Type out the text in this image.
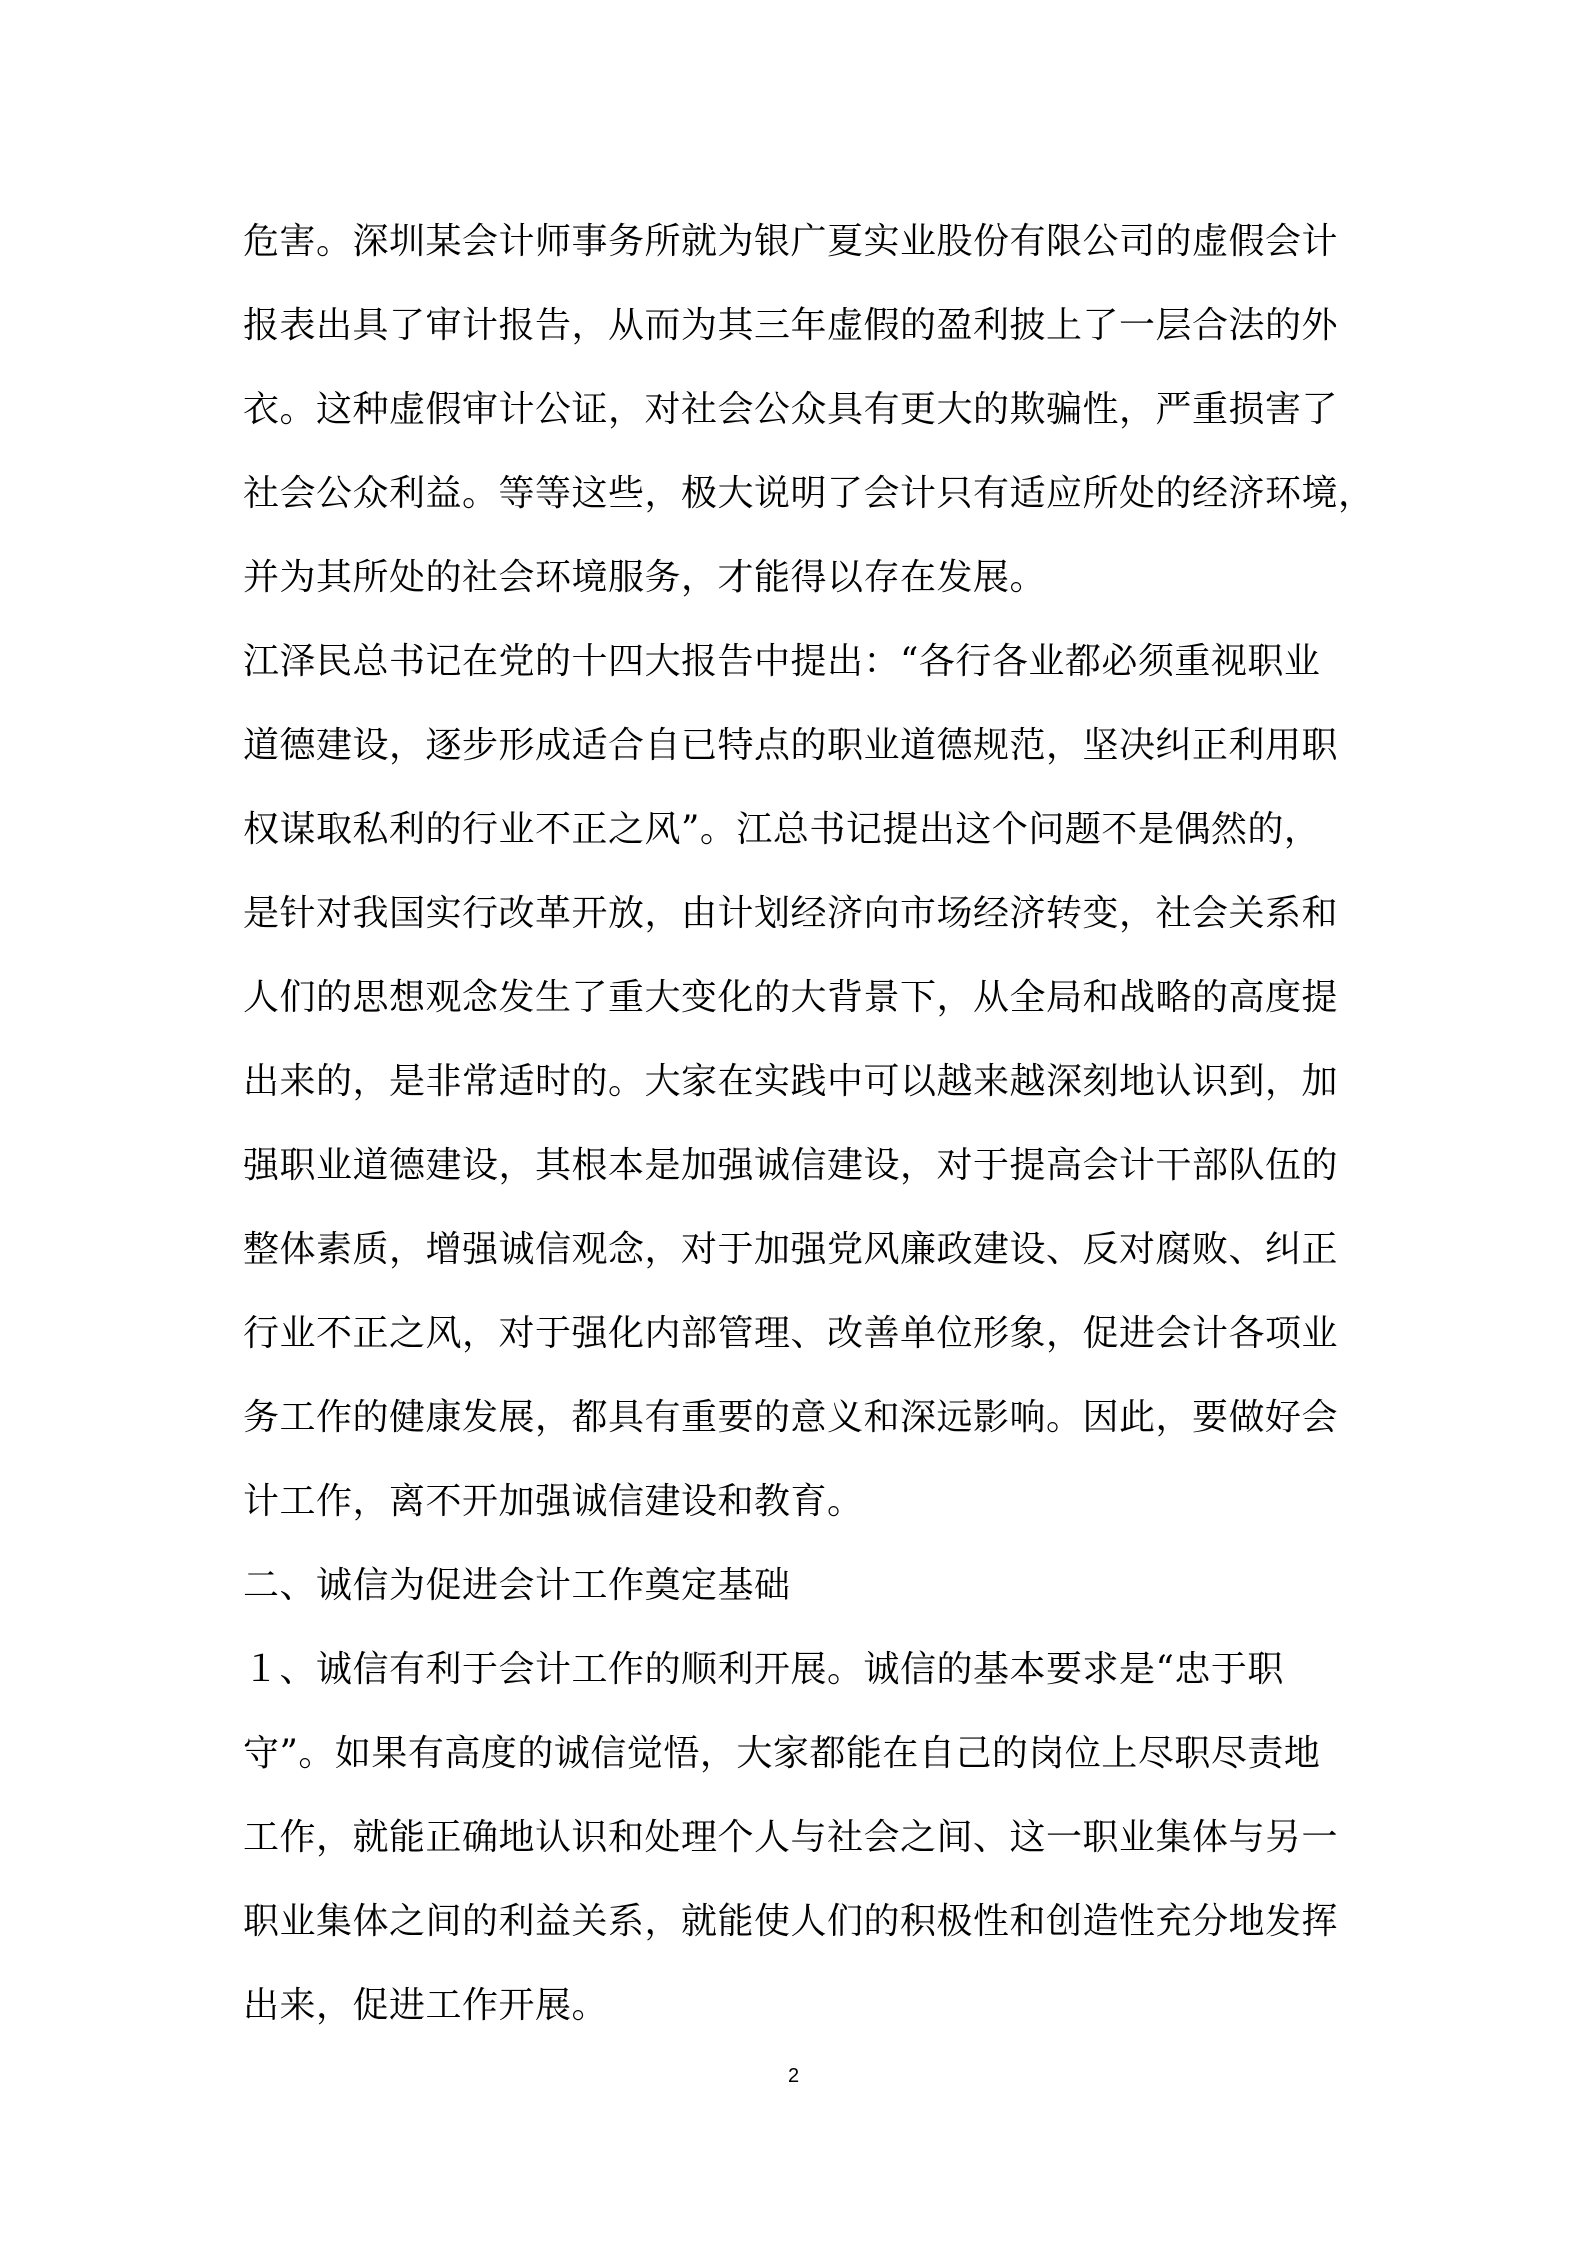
危害。深圳某会计师事务所就为银广夏实业股份有限公司的虚假会计
报表出具了审计报告，从而为其三年虚假的盈利披上了一层合法的外
衣。这种虚假审计公证，对社会公众具有更大的欺骗性，严重损害了
社会公众利益。等等这些，极大说明了会计只有适应所处的经济环境，
并为其所处的社会环境服务，才能得以存在发展。
江泽民总书记在党的十四大报告中提出：“各行各业都必须重视职业
道德建设，逐步形成适合自已特点的职业道德规范，坚决纠正利用职
权谋取私利的行业不正之风”。江总书记提出这个问题不是偶然的，
是针对我国实行改革开放，由计划经济向市场经济转变，社会关系和
人们的思想观念发生了重大变化的大背景下，从全局和战略的高度提
出来的，是非常适时的。大家在实践中可以越来越深刻地认识到，加
强职业道德建设，其根本是加强诚信建设，对于提高会计干部队伍的
整体素质，增强诚信观念，对于加强党风廉政建设、反对腐败、纠正
行业不正之风，对于强化内部管理、改善单位形象，促进会计各项业
务工作的健康发展，都具有重要的意义和深远影响。因此，要做好会
计工作，离不开加强诚信建设和教育。
二、诚信为促进会计工作奠定基础
１、诚信有利于会计工作的顺利开展。诚信的基本要求是“忠于职
守”。如果有高度的诚信觉悟，大家都能在自己的岗位上尽职尽责地
工作，就能正确地认识和处理个人与社会之间、这一职业集体与另一
职业集体之间的利益关系，就能使人们的积极性和创造性充分地发挥
出来，促进工作开展。
2
